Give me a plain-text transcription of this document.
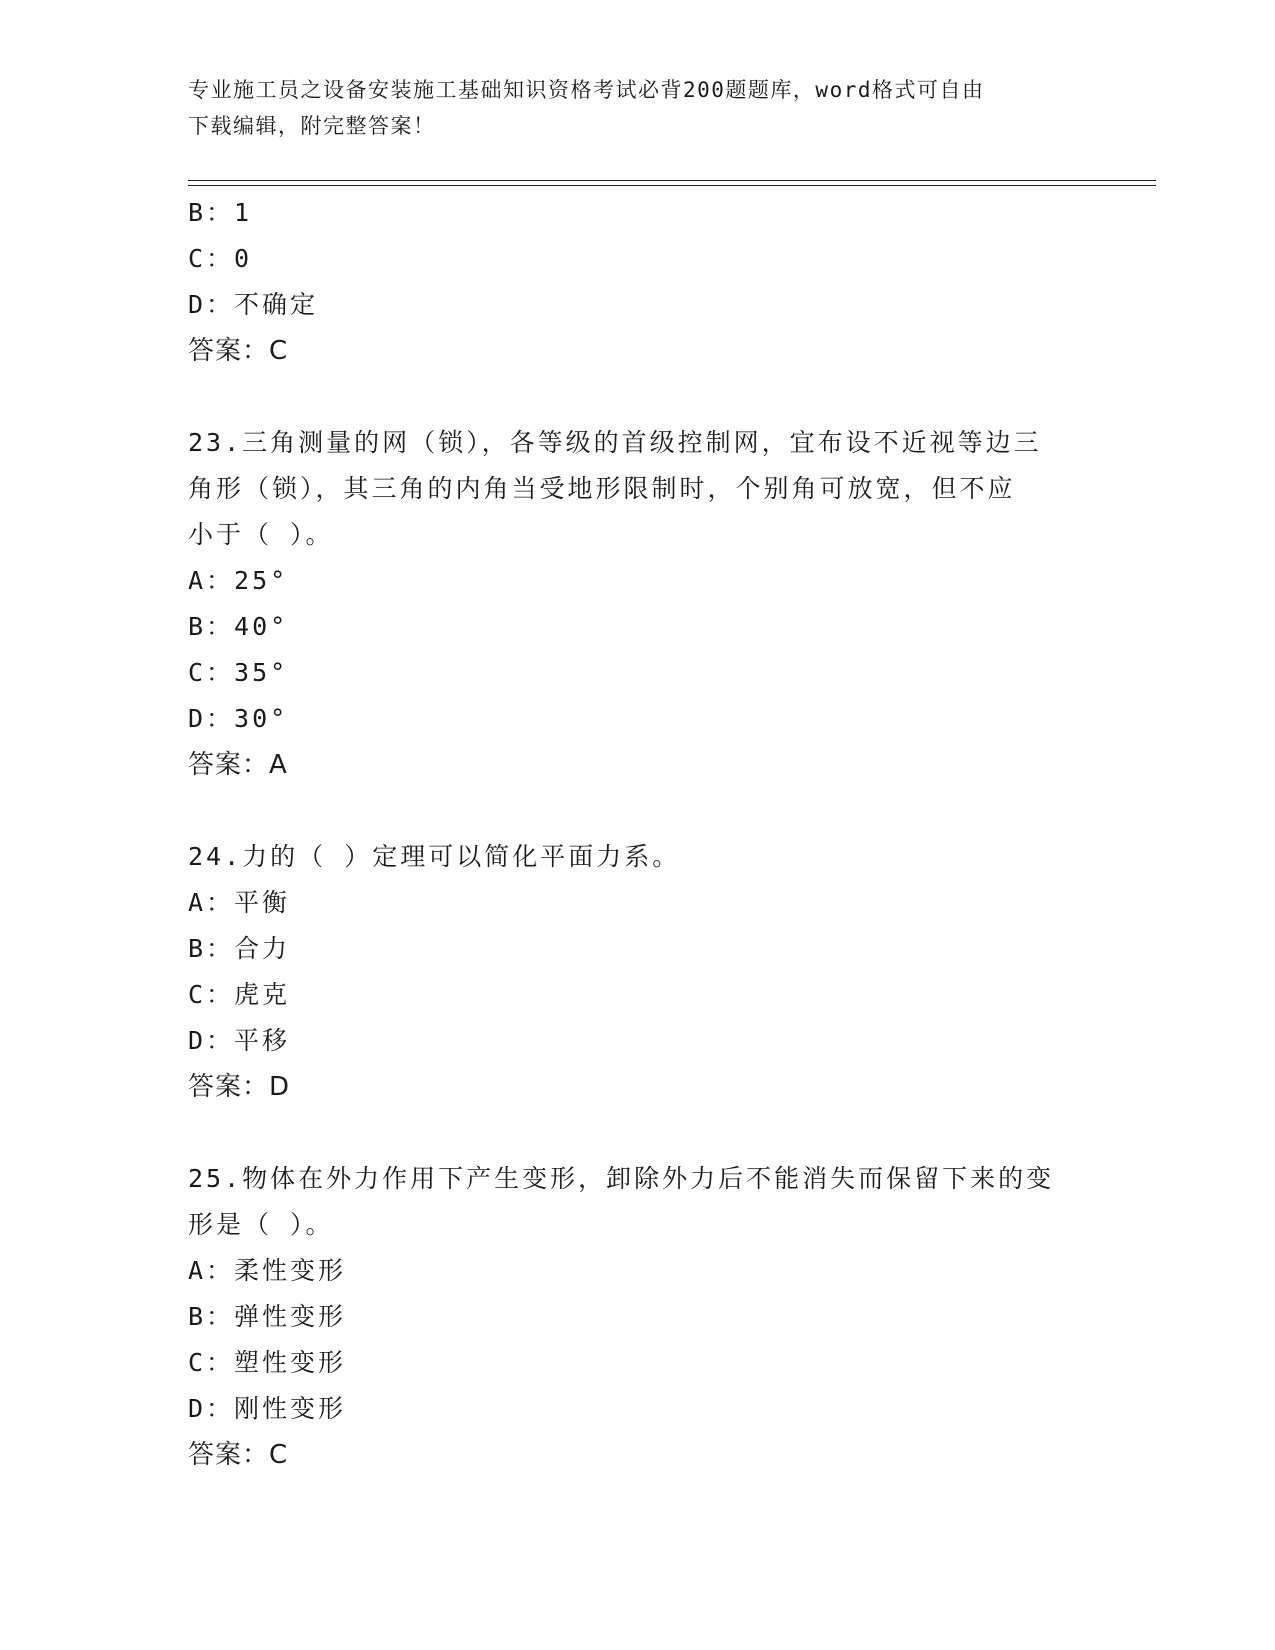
专业施工员之设备安装施工基础知识资格考试必背200题题库，word格式可自由
下载编辑，附完整答案！
B：1
C：0
D：不确定
答案：C
23.三角测量的网（锁），各等级的首级控制网，宜布设不近视等边三
角形（锁），其三角的内角当受地形限制时，个别角可放宽，但不应
小于（ ）。
A：25°
B：40°
C：35°
D：30°
答案：A
24.力的（ ）定理可以简化平面力系。
A：平衡
B：合力
C：虎克
D：平移
答案：D
25.物体在外力作用下产生变形，卸除外力后不能消失而保留下来的变
形是（ ）。
A：柔性变形
B：弹性变形
C：塑性变形
D：刚性变形
答案：C
